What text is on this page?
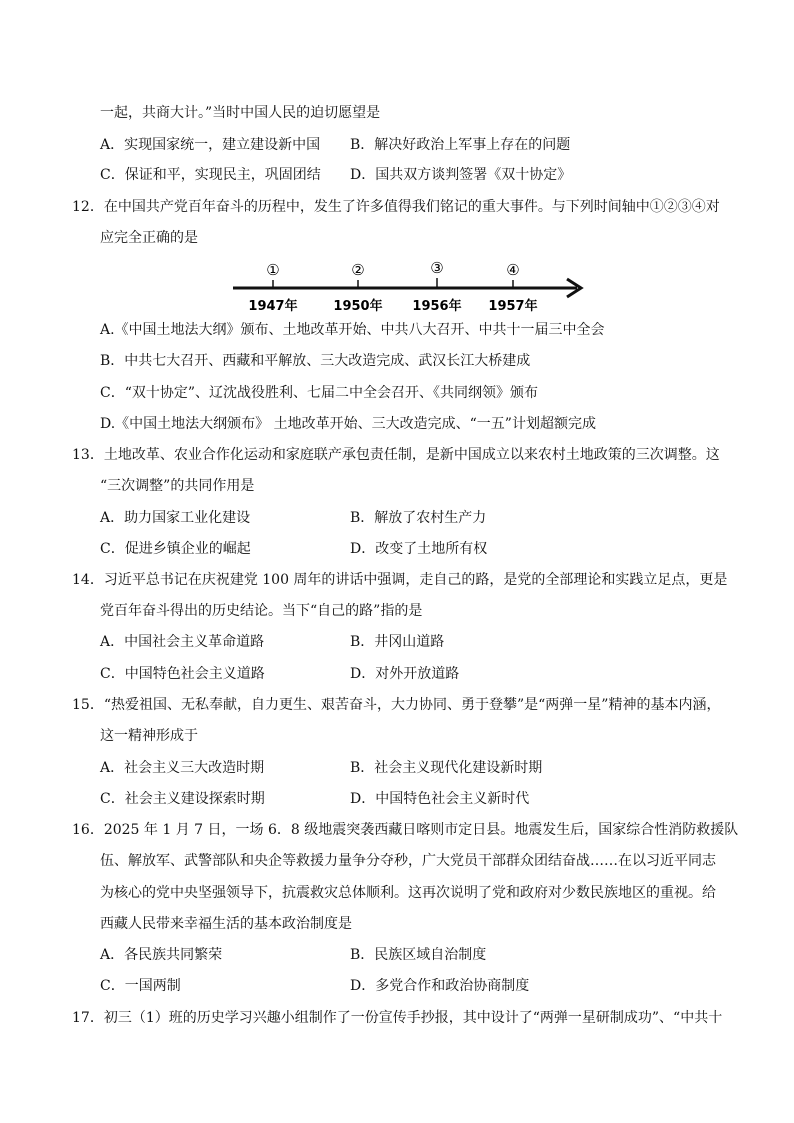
一起，共商大计。”当时中国人民的迫切愿望是
A．实现国家统一，建立建设新中国 B．解决好政治上军事上存在的问题
C．保证和平，实现民主，巩固团结 D．国共双方谈判签署《双十协定》
12．在中国共产党百年奋斗的历程中，发生了许多值得我们铭记的重大事件。与下列时间轴中①②③④对
应完全正确的是
①
1947年
②
1950年
③
1956年
④
1957年
A.《中国土地法大纲》颁布、土地改革开始、中共八大召开、中共十一届三中全会
B．中共七大召开、西藏和平解放、三大改造完成、武汉长江大桥建成
C．“双十协定”、辽沈战役胜利、七届二中全会召开、《共同纲领》颁布
D.《中国土地法大纲颁布》 土地改革开始、三大改造完成、“一五”计划超额完成
13．土地改革、农业合作化运动和家庭联产承包责任制，是新中国成立以来农村土地政策的三次调整。这
“三次调整”的共同作用是
A．助力国家工业化建设	B．解放了农村生产力
C．促进乡镇企业的崛起	D．改变了土地所有权
14．习近平总书记在庆祝建党 100 周年的讲话中强调，走自己的路，是党的全部理论和实践立足点，更是
党百年奋斗得出的历史结论。当下“自己的路”指的是
A．中国社会主义革命道路	B．井冈山道路
C．中国特色社会主义道路	D．对外开放道路
15．“热爱祖国、无私奉献，自力更生、艰苦奋斗，大力协同、勇于登攀”是“两弹一星”精神的基本内涵，
这一精神形成于
A．社会主义三大改造时期	B．社会主义现代化建设新时期
C．社会主义建设探索时期	D．中国特色社会主义新时代
16．2025 年 1 月 7 日，一场 6．8 级地震突袭西藏日喀则市定日县。地震发生后，国家综合性消防救援队
伍、解放军、武警部队和央企等救援力量争分夺秒，广大党员干部群众团结奋战……在以习近平同志
为核心的党中央坚强领导下，抗震救灾总体顺利。这再次说明了党和政府对少数民族地区的重视。给
西藏人民带来幸福生活的基本政治制度是
A．各民族共同繁荣	B．民族区域自治制度
C．一国两制	D．多党合作和政治协商制度
17．初三（1）班的历史学习兴趣小组制作了一份宣传手抄报，其中设计了“两弹一星研制成功”、“中共十
